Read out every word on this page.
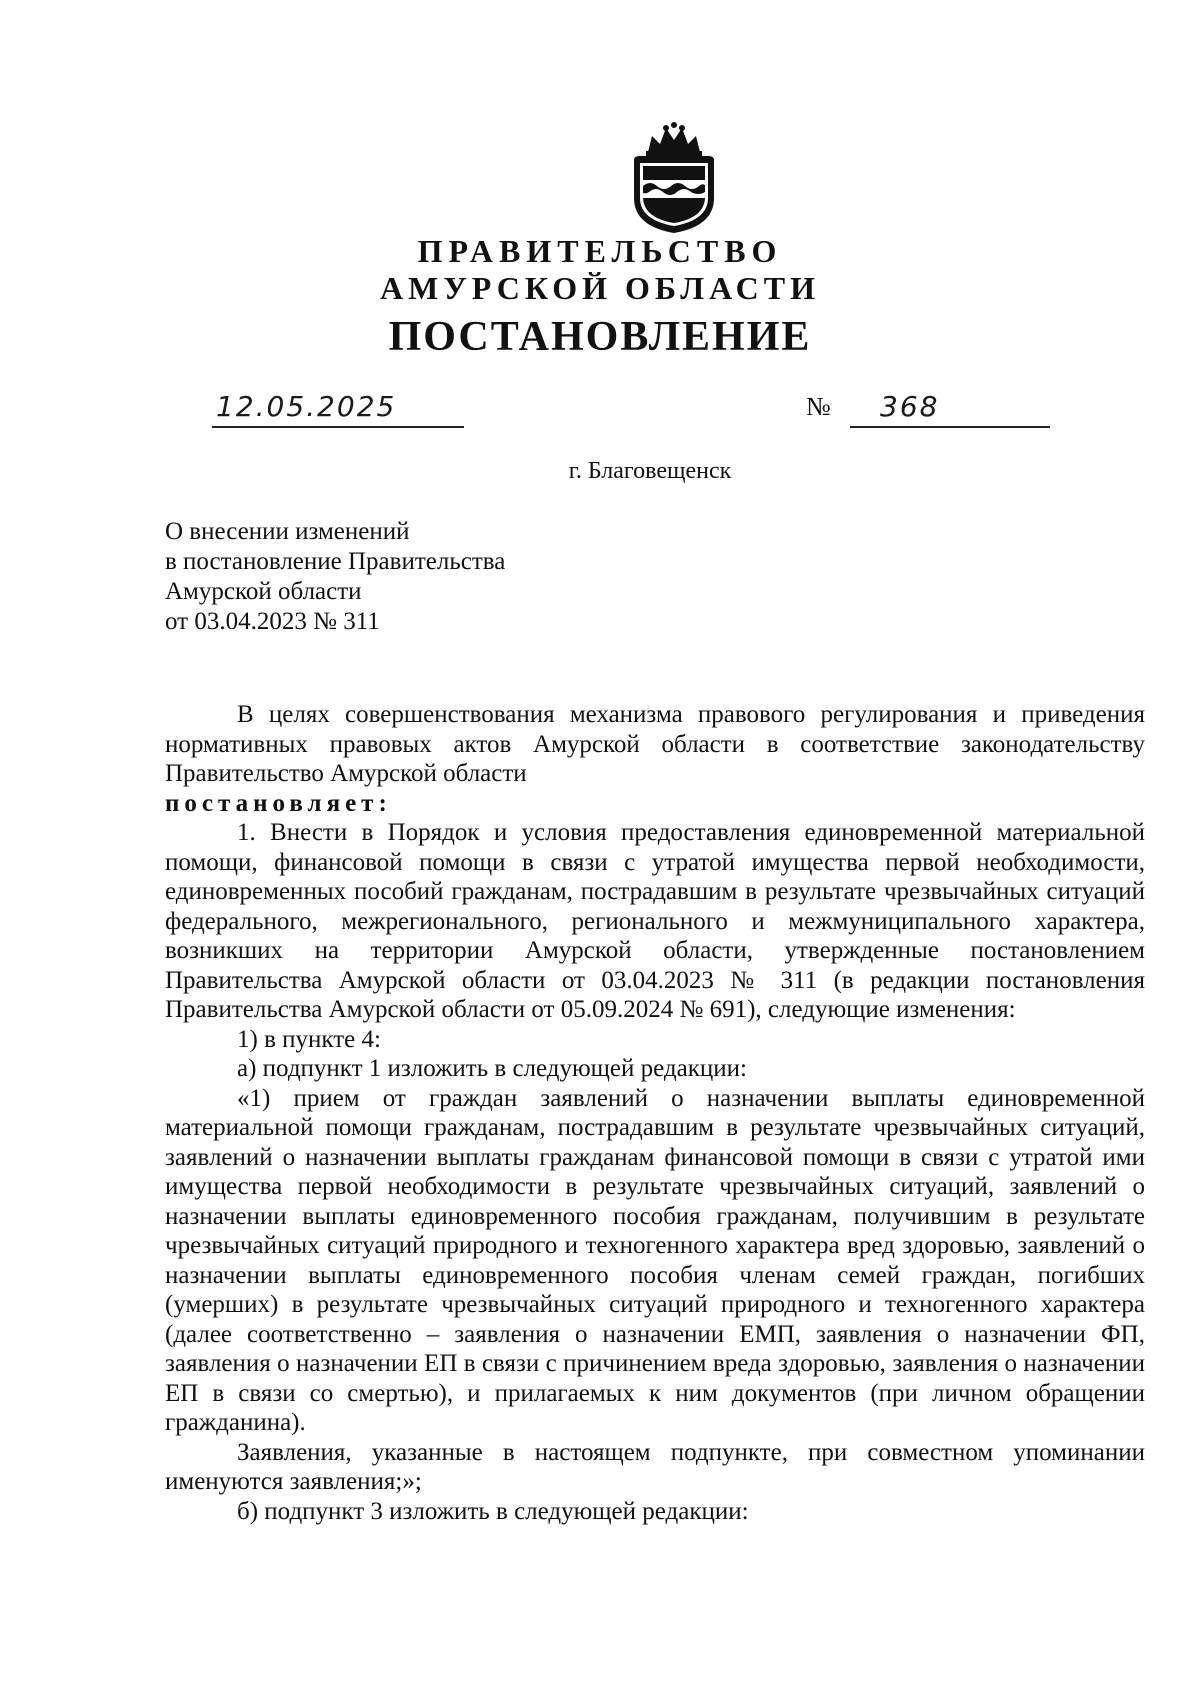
ПРАВИТЕЛЬСТВО
АМУРСКОЙ ОБЛАСТИ
ПОСТАНОВЛЕНИЕ
12.05.2025	№ 368
г. Благовещенск
О внесении изменений
в постановление Правительства
Амурской области
от 03.04.2023 № 311

В целях совершенствования механизма правового регулирования и приведения нормативных правовых актов Амурской области в соответствие законодательству Правительство Амурской области

постановляет:

1. Внести в Порядок и условия предоставления единовременной материальной помощи, финансовой помощи в связи с утратой имущества первой необходимости, единовременных пособий гражданам, пострадавшим в результате чрезвычайных ситуаций федерального, межрегионального, регионального и межмуниципального характера, возникших на территории Амурской области, утвержденные постановлением Правительства Амурской области от 03.04.2023 № 311 (в редакции постановления Правительства Амурской области от 05.09.2024 № 691), следующие изменения:

1) в пункте 4:

а) подпункт 1 изложить в следующей редакции:

«1) прием от граждан заявлений о назначении выплаты единовременной материальной помощи гражданам, пострадавшим в результате чрезвычайных ситуаций, заявлений о назначении выплаты гражданам финансовой помощи в связи с утратой ими имущества первой необходимости в результате чрезвычайных ситуаций, заявлений о назначении выплаты единовременного пособия гражданам, получившим в результате чрезвычайных ситуаций природного и техногенного характера вред здоровью, заявлений о назначении выплаты единовременного пособия членам семей граждан, погибших (умерших) в результате чрезвычайных ситуаций природного и техногенного характера (далее соответственно – заявления о назначении ЕМП, заявления о назначении ФП, заявления о назначении ЕП в связи с причинением вреда здоровью, заявления о назначении ЕП в связи со смертью), и прилагаемых к ним документов (при личном обращении гражданина).

Заявления, указанные в настоящем подпункте, при совместном упоминании именуются заявления;»;

б) подпункт 3 изложить в следующей редакции:
